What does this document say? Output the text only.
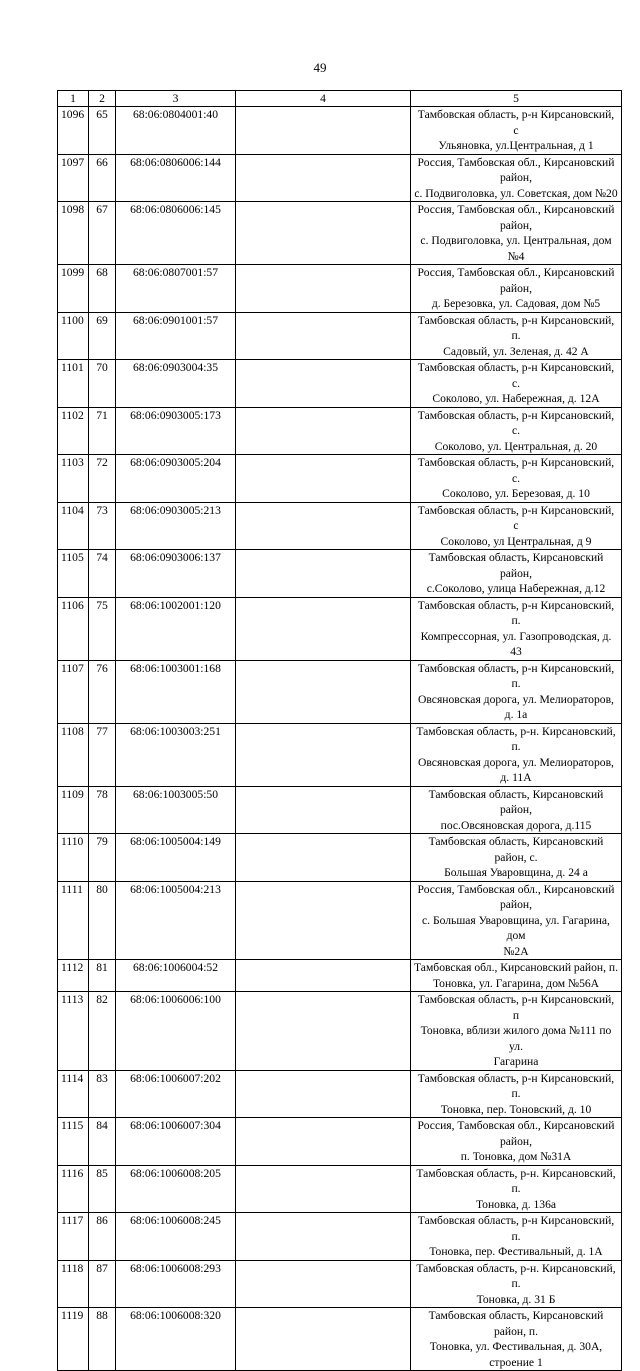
49
1	2	3	4	5
1096	65	68:06:0804001:40		Тамбовская область, р-н Кирсановский, с
Ульяновка, ул.Центральная, д 1
1097	66	68:06:0806006:144		Россия, Тамбовская обл., Кирсановский район,
с. Подвиголовка, ул. Советская, дом №20
1098	67	68:06:0806006:145		Россия, Тамбовская обл., Кирсановский район,
с. Подвиголовка, ул. Центральная, дом №4
1099	68	68:06:0807001:57		Россия, Тамбовская обл., Кирсановский район,
д. Березовка, ул. Садовая, дом №5
1100	69	68:06:0901001:57		Тамбовская область, р-н Кирсановский, п.
Садовый, ул. Зеленая, д. 42 А
1101	70	68:06:0903004:35		Тамбовская область, р-н Кирсановский, с.
Соколово, ул. Набережная, д. 12А
1102	71	68:06:0903005:173		Тамбовская область, р-н Кирсановский, с.
Соколово, ул. Центральная, д. 20
1103	72	68:06:0903005:204		Тамбовская область, р-н Кирсановский, с.
Соколово, ул. Березовая, д. 10
1104	73	68:06:0903005:213		Тамбовская область, р-н Кирсановский, с
Соколово, ул Центральная, д 9
1105	74	68:06:0903006:137		Тамбовская область, Кирсановский район,
с.Соколово, улица Набережная, д.12
1106	75	68:06:1002001:120		Тамбовская область, р-н Кирсановский, п.
Компрессорная, ул. Газопроводская, д. 43
1107	76	68:06:1003001:168		Тамбовская область, р-н Кирсановский, п.
Овсяновская дорога, ул. Мелиораторов, д. 1а
1108	77	68:06:1003003:251		Тамбовская область, р-н. Кирсановский, п.
Овсяновская дорога, ул. Мелиораторов, д. 11А
1109	78	68:06:1003005:50		Тамбовская область, Кирсановский район,
пос.Овсяновская дорога, д.115
1110	79	68:06:1005004:149		Тамбовская область, Кирсановский район, с.
Большая Уваровщина, д. 24 а
1111	80	68:06:1005004:213		Россия, Тамбовская обл., Кирсановский район,
с. Большая Уваровщина, ул. Гагарина, дом
№2А
1112	81	68:06:1006004:52		Тамбовская обл., Кирсановский район, п.
Тоновка, ул. Гагарина, дом №56А
1113	82	68:06:1006006:100		Тамбовская область, р-н Кирсановский, п
Тоновка, вблизи жилого дома №111 по ул.
Гагарина
1114	83	68:06:1006007:202		Тамбовская область, р-н Кирсановский, п.
Тоновка, пер. Тоновский, д. 10
1115	84	68:06:1006007:304		Россия, Тамбовская обл., Кирсановский район,
п. Тоновка, дом №31А
1116	85	68:06:1006008:205		Тамбовская область, р-н. Кирсановский, п.
Тоновка, д. 136а
1117	86	68:06:1006008:245		Тамбовская область, р-н Кирсановский, п.
Тоновка, пер. Фестивальный, д. 1А
1118	87	68:06:1006008:293		Тамбовская область, р-н. Кирсановский, п.
Тоновка, д. 31 Б
1119	88	68:06:1006008:320		Тамбовская область, Кирсановский район, п.
Тоновка, ул. Фестивальная, д. 30А, строение 1
